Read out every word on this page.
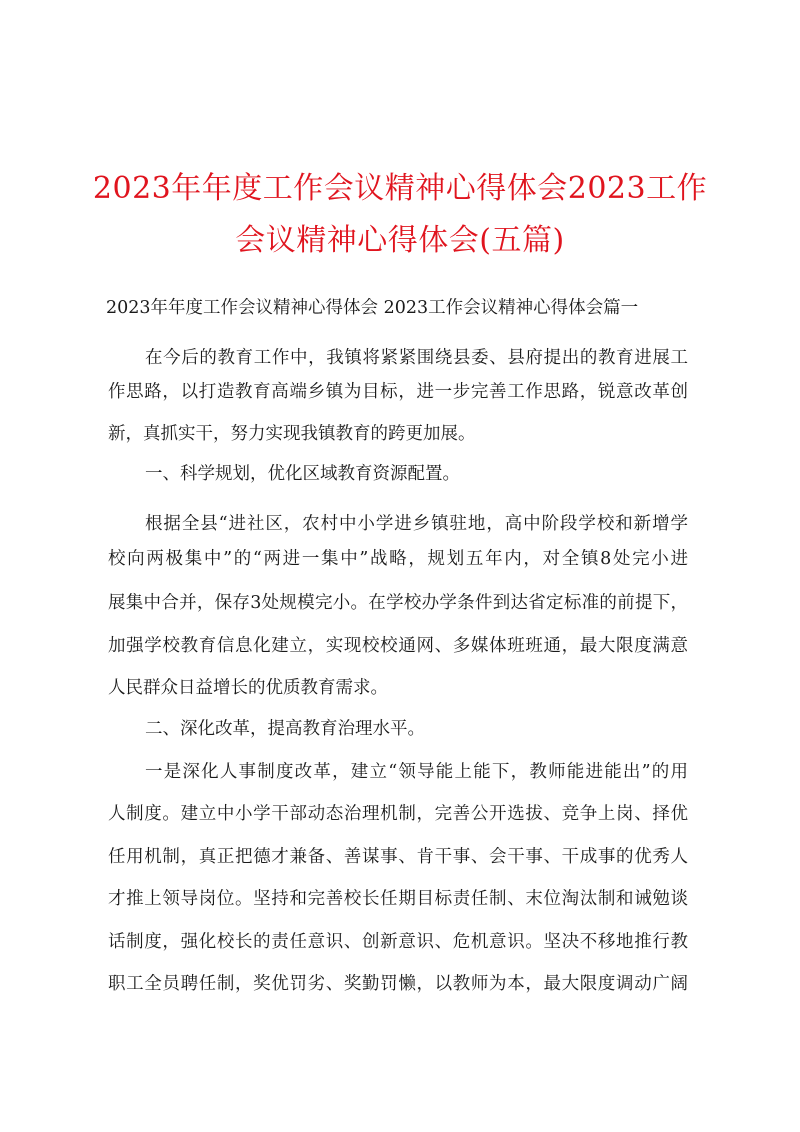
2023年年度工作会议精神心得体会2023工作
会议精神心得体会(五篇)
2023年年度工作会议精神心得体会 2023工作会议精神心得体会篇一
在今后的教育工作中，我镇将紧紧围绕县委、县府提出的教育进展工
作思路，以打造教育高端乡镇为目标，进一步完善工作思路，锐意改革创
新，真抓实干，努力实现我镇教育的跨更加展。
一、科学规划，优化区域教育资源配置。
根据全县“进社区，农村中小学进乡镇驻地，高中阶段学校和新增学
校向两极集中”的“两进一集中”战略，规划五年内，对全镇8处完小进
展集中合并，保存3处规模完小。在学校办学条件到达省定标准的前提下，
加强学校教育信息化建立，实现校校通网、多媒体班班通，最大限度满意
人民群众日益增长的优质教育需求。
二、深化改革，提高教育治理水平。
一是深化人事制度改革，建立“领导能上能下，教师能进能出”的用
人制度。建立中小学干部动态治理机制，完善公开选拔、竞争上岗、择优
任用机制，真正把德才兼备、善谋事、肯干事、会干事、干成事的优秀人
才推上领导岗位。坚持和完善校长任期目标责任制、末位淘汰制和诫勉谈
话制度，强化校长的责任意识、创新意识、危机意识。坚决不移地推行教
职工全员聘任制，奖优罚劣、奖勤罚懒，以教师为本，最大限度调动广阔
